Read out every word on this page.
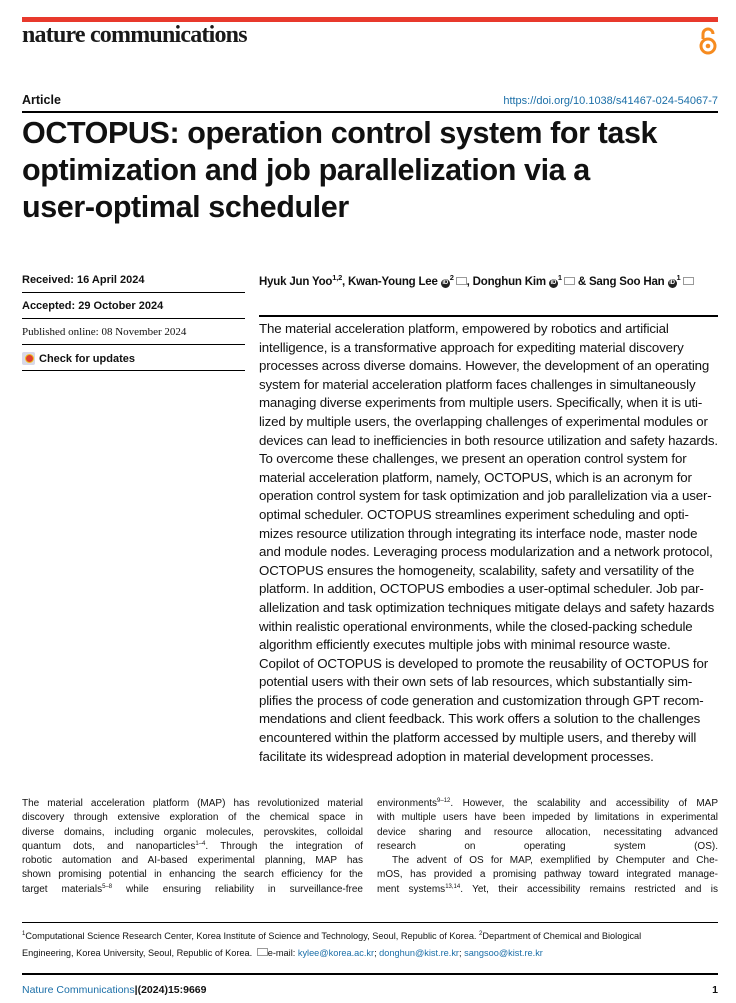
nature communications
Article	https://doi.org/10.1038/s41467-024-54067-7
OCTOPUS: operation control system for task
optimization and job parallelization via a
user-optimal scheduler
Received: 16 April 2024
Accepted: 29 October 2024
Published online: 08 November 2024
Check for updates
Hyuk Jun Yoo$^{1,2}$, Kwan-Young Lee $iD^2$ , Donghun Kim $iD^1$ & Sang Soo Han $iD^1$
The material acceleration platform, empowered by robotics and artificial
intelligence, is a transformative approach for expediting material discovery
processes across diverse domains. However, the development of an operating
system for material acceleration platform faces challenges in simultaneously
managing diverse experiments from multiple users. Specifically, when it is uti-
lized by multiple users, the overlapping challenges of experimental modules or
devices can lead to inefficiencies in both resource utilization and safety hazards.
To overcome these challenges, we present an operation control system for
material acceleration platform, namely, OCTOPUS, which is an acronym for
operation control system for task optimization and job parallelization via a user-
optimal scheduler. OCTOPUS streamlines experiment scheduling and opti-
mizes resource utilization through integrating its interface node, master node
and module nodes. Leveraging process modularization and a network protocol,
OCTOPUS ensures the homogeneity, scalability, safety and versatility of the
platform. In addition, OCTOPUS embodies a user-optimal scheduler. Job par-
allelization and task optimization techniques mitigate delays and safety hazards
within realistic operational environments, while the closed-packing schedule
algorithm efficiently executes multiple jobs with minimal resource waste.
Copilot of OCTOPUS is developed to promote the reusability of OCTOPUS for
potential users with their own sets of lab resources, which substantially sim-
plifies the process of code generation and customization through GPT recom-
mendations and client feedback. This work offers a solution to the challenges
encountered within the platform accessed by multiple users, and thereby will
facilitate its widespread adoption in material development processes.
The material acceleration platform (MAP) has revolutionized material
discovery through extensive exploration of the chemical space in
diverse domains, including organic molecules, perovskites, colloidal
quantum dots, and nanoparticles$^{1-4}$. Through the integration of
robotic automation and AI-based experimental planning, MAP has
shown promising potential in enhancing the search efficiency for the
target materials$^{5-8}$ while ensuring reliability in surveillance-free
environments$^{9-12}$. However, the scalability and accessibility of MAP
with multiple users have been impeded by limitations in experimental
device sharing and resource allocation, necessitating advanced
research on operating system (OS).
  The advent of OS for MAP, exemplified by Chemputer and Che-
mOS, has provided a promising pathway toward integrated manage-
ment systems$^{13,14}$. Yet, their accessibility remains restricted and is
$^1$Computational Science Research Center, Korea Institute of Science and Technology, Seoul, Republic of Korea. $^2$Department of Chemical and Biological
Engineering, Korea University, Seoul, Republic of Korea. e-mail: kylee@korea.ac.kr; donghun@kist.re.kr; sangsoo@kist.re.kr
Nature Communications|(2024)15:9669	1
